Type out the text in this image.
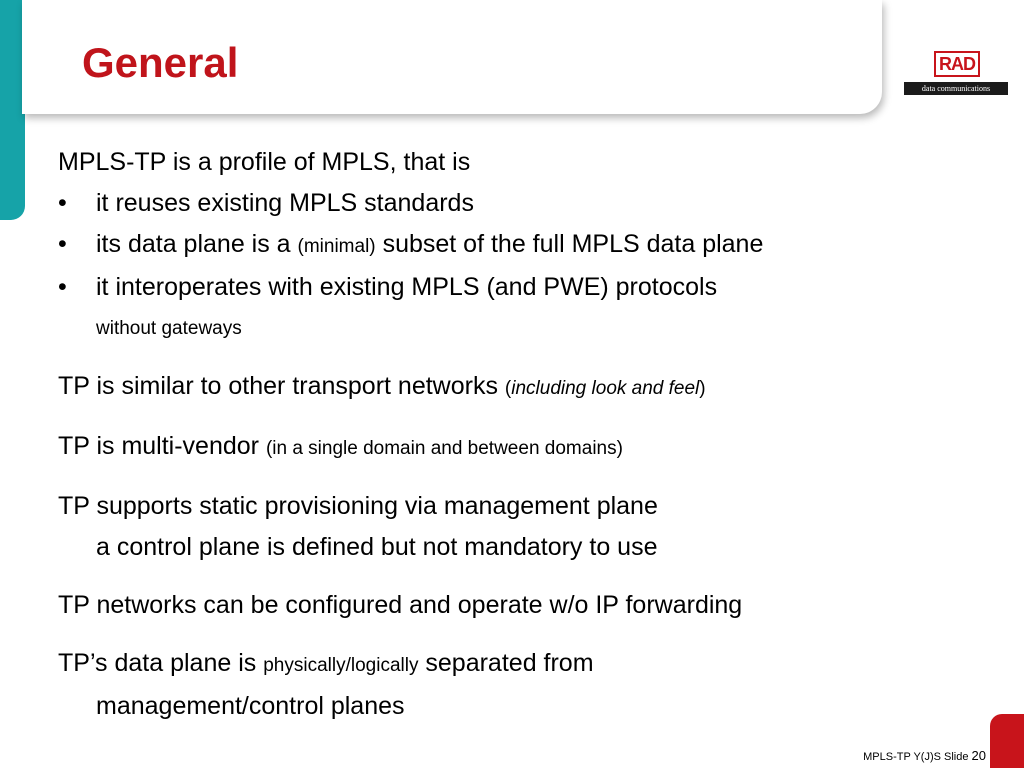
General	RAD
data communications
MPLS-TP is a profile of MPLS, that is
• it reuses existing MPLS standards
• its data plane is a (minimal) subset of the full MPLS data plane
• it interoperates with existing MPLS (and PWE) protocols
without gateways
TP is similar to other transport networks (including look and feel)
TP is multi-vendor (in a single domain and between domains)
TP supports static provisioning via management plane
a control plane is defined but not mandatory to use
TP networks can be configured and operate w/o IP forwarding
TP’s data plane is physically/logically separated from
management/control planes
MPLS-TP Y(J)S Slide 20
